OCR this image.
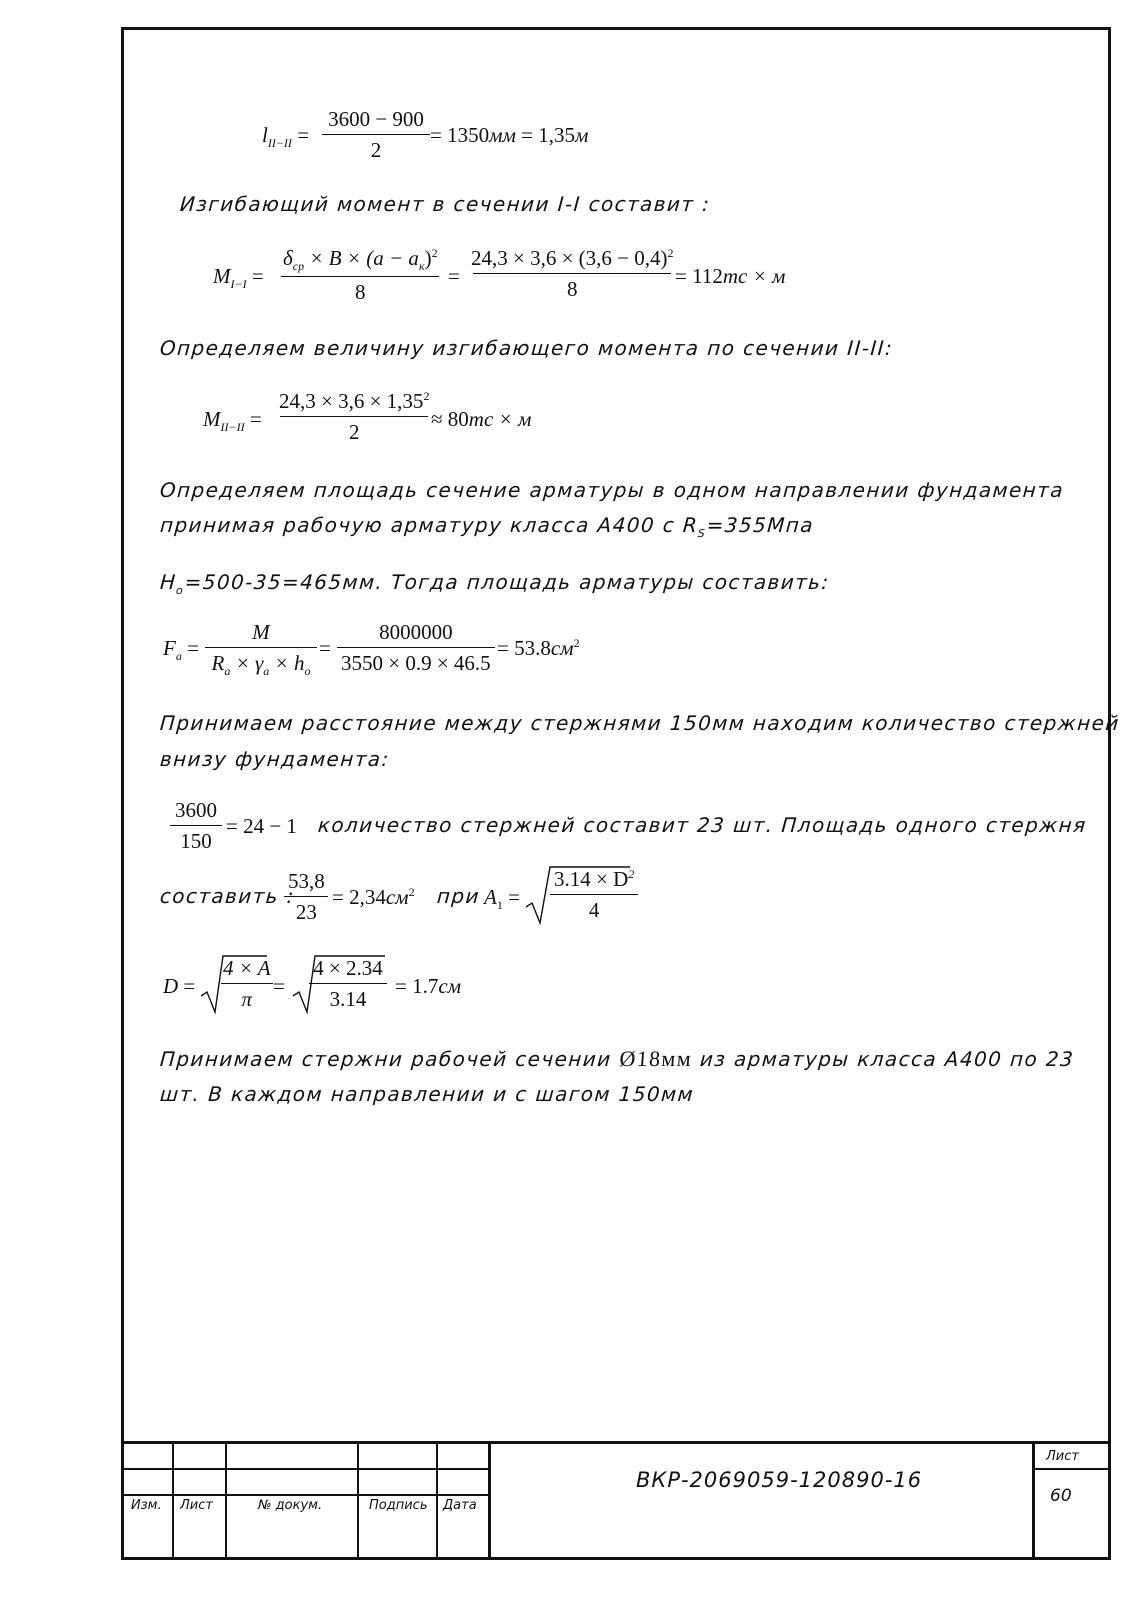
$l_{II-II} = \frac{3600 - 900}{2} = 1350мм = 1,35м$
Изгибающий момент в сечении I-I составит :
$M_{I-I}$ =
$\delta_{ср} \times B \times (a - a_к)^2$
8
= $\frac{24,3 \times 3,6 \times (3,6 - 0,4)^2}{8}$
= 112тс × м
Определяем величину изгибающего момента по сечении II-II:
$M_{II-II} = \frac{24,3 \times 3,6 \times 1,35^2}{2}$
≈ 80тс × м
Определяем площадь сечение арматуры в одном направлении фундамента
принимая рабочую арматуру класса А400 с $R_S=355Мпа$
$H_o=500-35=465мм$. Тогда площадь арматуры составить:
$F_a = \frac{M}{R_a \times \gamma_a \times h_o} = \frac{8000000}{3550 \times 0.9 \times 46.5} = 53.8см^2$
Принимаем расстояние между стержнями 150мм находим количество стержней
внизу фундамента:
$\frac{3600}{150} = 24 - 1$ количество стержней составит 23 шт. Площадь одного стержня
составить :
$\frac{53,8}{23} = 2,34см^2$ при $A_1 = \frac{3.14 \times D^2}{4}$
$D = \frac{4 \times A}{\pi}$
= $\frac{4 \times 2.34}{3.14} = 1.7см$
Принимаем стержни рабочей сечении Ø18мм из арматуры класса А400 по 23
шт. В каждом направлении и с шагом 150мм
Изм. Лист	№ докум.	Подпись Дата
ВКР-2069059-120890-16
Лист
60
